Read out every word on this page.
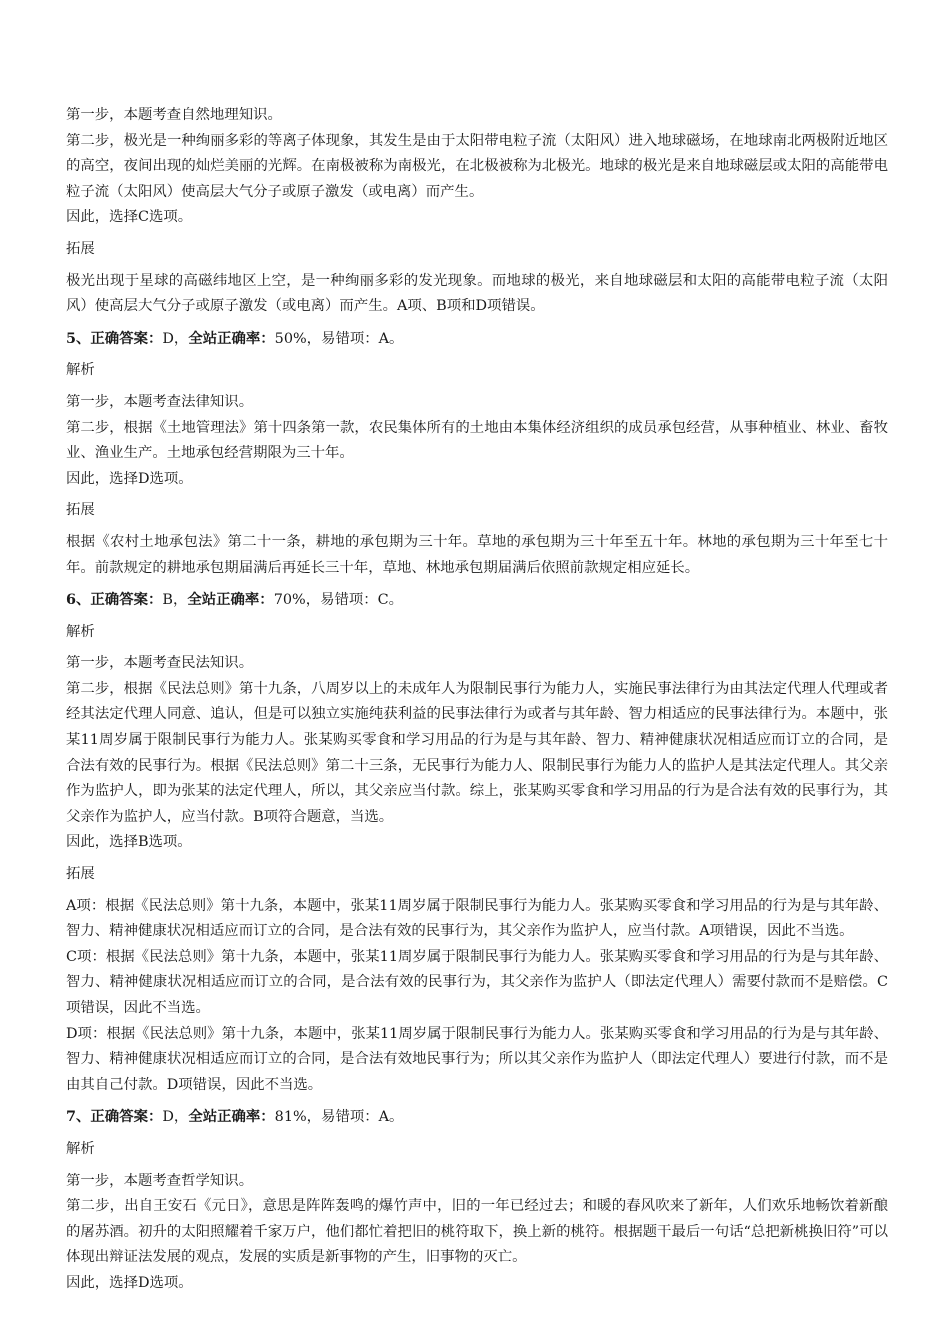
第一步，本题考查自然地理知识。

第二步，极光是一种绚丽多彩的等离子体现象，其发生是由于太阳带电粒子流（太阳风）进入地球磁场，在地球南北两极附近地区的高空，夜间出现的灿烂美丽的光辉。在南极被称为南极光，在北极被称为北极光。地球的极光是来自地球磁层或太阳的高能带电粒子流（太阳风）使高层大气分子或原子激发（或电离）而产生。

因此，选择C选项。

拓展

极光出现于星球的高磁纬地区上空，是一种绚丽多彩的发光现象。而地球的极光，来自地球磁层和太阳的高能带电粒子流（太阳风）使高层大气分子或原子激发（或电离）而产生。A项、B项和D项错误。

5、正确答案：D，全站正确率：50%，易错项：A。

解析

第一步，本题考查法律知识。

第二步，根据《土地管理法》第十四条第一款，农民集体所有的土地由本集体经济组织的成员承包经营，从事种植业、林业、畜牧业、渔业生产。土地承包经营期限为三十年。

因此，选择D选项。

拓展

根据《农村土地承包法》第二十一条，耕地的承包期为三十年。草地的承包期为三十年至五十年。林地的承包期为三十年至七十年。前款规定的耕地承包期届满后再延长三十年，草地、林地承包期届满后依照前款规定相应延长。

6、正确答案：B，全站正确率：70%，易错项：C。

解析

第一步，本题考查民法知识。

第二步，根据《民法总则》第十九条，八周岁以上的未成年人为限制民事行为能力人，实施民事法律行为由其法定代理人代理或者经其法定代理人同意、追认，但是可以独立实施纯获利益的民事法律行为或者与其年龄、智力相适应的民事法律行为。本题中，张某11周岁属于限制民事行为能力人。张某购买零食和学习用品的行为是与其年龄、智力、精神健康状况相适应而订立的合同，是合法有效的民事行为。根据《民法总则》第二十三条，无民事行为能力人、限制民事行为能力人的监护人是其法定代理人。其父亲作为监护人，即为张某的法定代理人，所以，其父亲应当付款。综上，张某购买零食和学习用品的行为是合法有效的民事行为，其父亲作为监护人，应当付款。B项符合题意，当选。

因此，选择B选项。

拓展

A项：根据《民法总则》第十九条，本题中，张某11周岁属于限制民事行为能力人。张某购买零食和学习用品的行为是与其年龄、智力、精神健康状况相适应而订立的合同，是合法有效的民事行为，其父亲作为监护人，应当付款。A项错误，因此不当选。

C项：根据《民法总则》第十九条，本题中，张某11周岁属于限制民事行为能力人。张某购买零食和学习用品的行为是与其年龄、智力、精神健康状况相适应而订立的合同，是合法有效的民事行为，其父亲作为监护人（即法定代理人）需要付款而不是赔偿。C项错误，因此不当选。

D项：根据《民法总则》第十九条，本题中，张某11周岁属于限制民事行为能力人。张某购买零食和学习用品的行为是与其年龄、智力、精神健康状况相适应而订立的合同，是合法有效地民事行为；所以其父亲作为监护人（即法定代理人）要进行付款，而不是由其自己付款。D项错误，因此不当选。

7、正确答案：D，全站正确率：81%，易错项：A。

解析

第一步，本题考查哲学知识。

第二步，出自王安石《元日》，意思是阵阵轰鸣的爆竹声中，旧的一年已经过去；和暖的春风吹来了新年，人们欢乐地畅饮着新酿的屠苏酒。初升的太阳照耀着千家万户，他们都忙着把旧的桃符取下，换上新的桃符。根据题干最后一句话“总把新桃换旧符”可以体现出辩证法发展的观点，发展的实质是新事物的产生，旧事物的灭亡。

因此，选择D选项。
